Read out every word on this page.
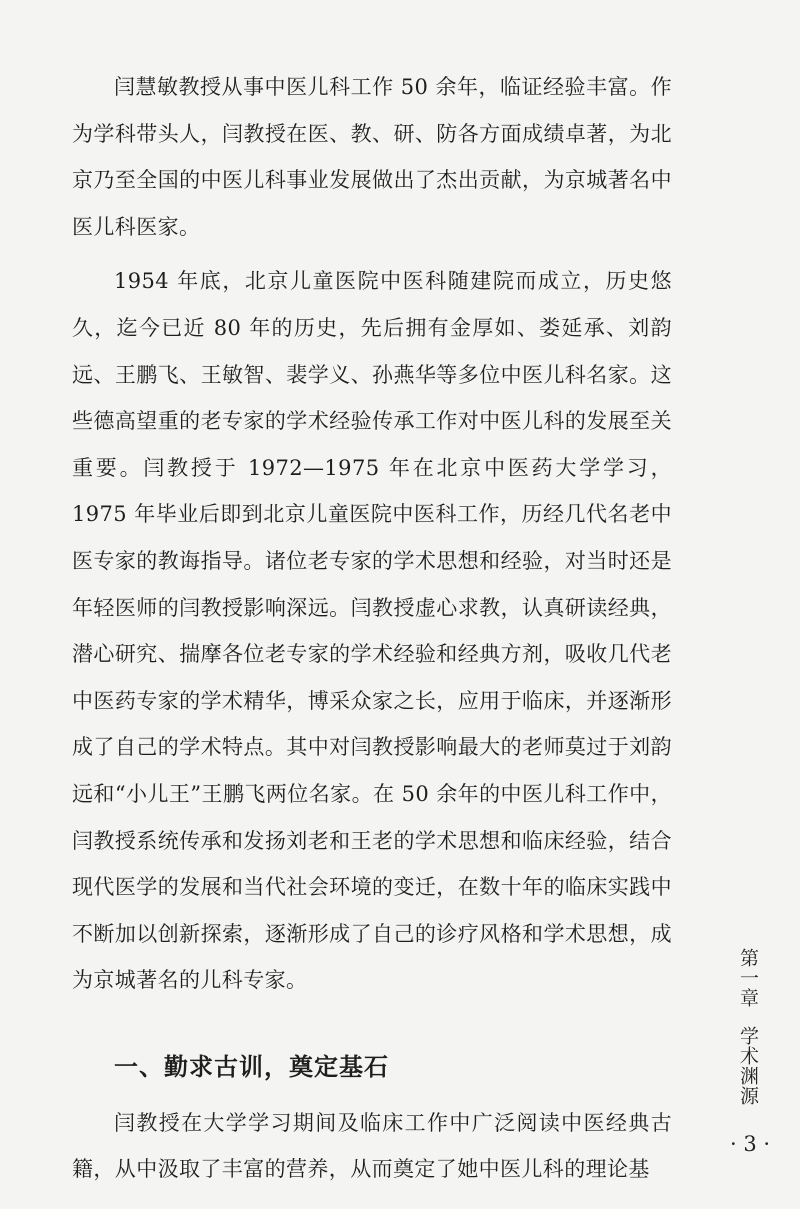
闫慧敏教授从事中医儿科工作 50 余年，临证经验丰富。作为学科带头人，闫教授在医、教、研、防各方面成绩卓著，为北京乃至全国的中医儿科事业发展做出了杰出贡献，为京城著名中医儿科医家。

1954 年底，北京儿童医院中医科随建院而成立，历史悠久，迄今已近 80 年的历史，先后拥有金厚如、娄延承、刘韵远、王鹏飞、王敏智、裴学义、孙燕华等多位中医儿科名家。这些德高望重的老专家的学术经验传承工作对中医儿科的发展至关重要。闫教授于 1972—1975 年在北京中医药大学学习，1975 年毕业后即到北京儿童医院中医科工作，历经几代名老中医专家的教诲指导。诸位老专家的学术思想和经验，对当时还是年轻医师的闫教授影响深远。闫教授虚心求教，认真研读经典，潜心研究、揣摩各位老专家的学术经验和经典方剂，吸收几代老中医药专家的学术精华，博采众家之长，应用于临床，并逐渐形成了自己的学术特点。其中对闫教授影响最大的老师莫过于刘韵远和“小儿王”王鹏飞两位名家。在 50 余年的中医儿科工作中，闫教授系统传承和发扬刘老和王老的学术思想和临床经验，结合现代医学的发展和当代社会环境的变迁，在数十年的临床实践中不断加以创新探索，逐渐形成了自己的诊疗风格和学术思想，成为京城著名的儿科专家。

一、勤求古训，奠定基石

闫教授在大学学习期间及临床工作中广泛阅读中医经典古籍，从中汲取了丰富的营养，从而奠定了她中医儿科的理论基

第一章
学术渊源
· 3 ·
